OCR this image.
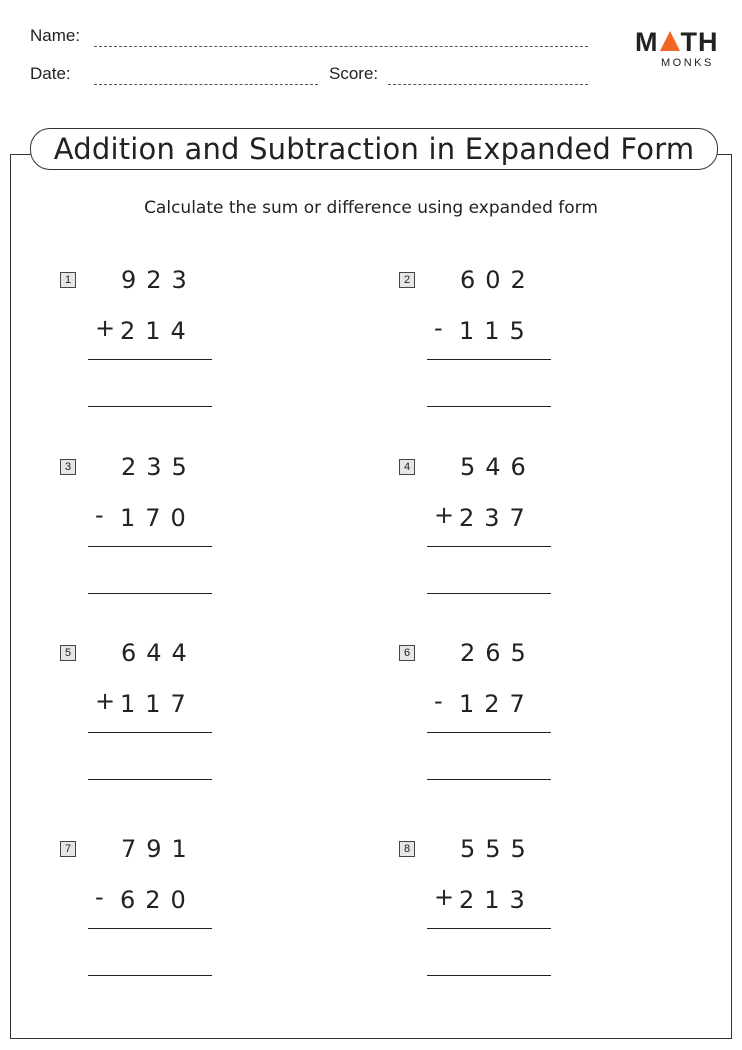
Name:
Date:	Score:
M TH
MONKS
Addition and Subtraction in Expanded Form
Calculate the sum or difference using expanded form
1 923
+ 214
2 602
- 115
3 235
- 170
4 546
+ 237
5 644
+ 117
6 265
- 127
7 791
- 620
8 555
+ 213
